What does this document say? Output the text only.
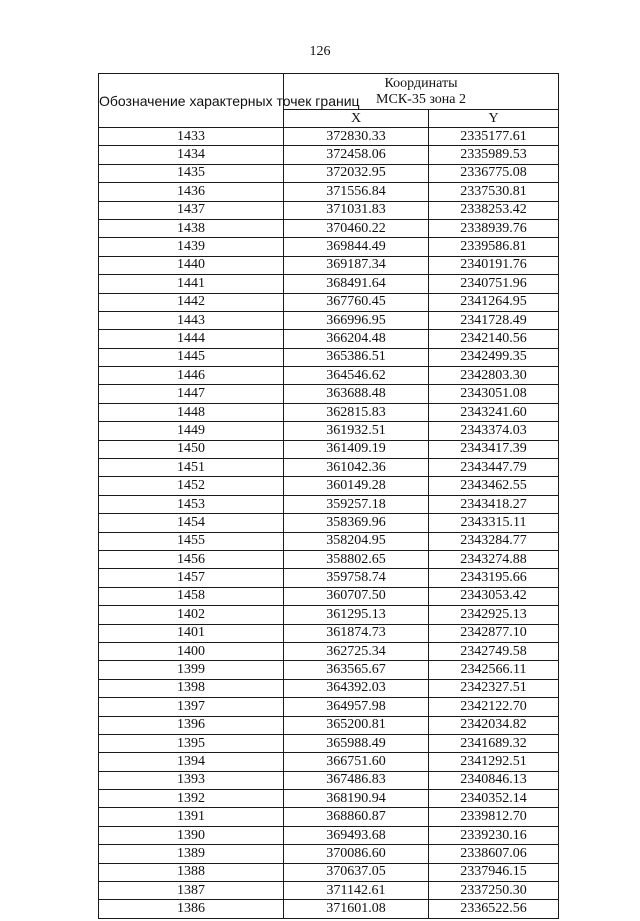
126
Обозначение характерных точек границ	Координаты
МСК-35 зона 2	
	X	Y
1433	372830.33	2335177.61
1434	372458.06	2335989.53
1435	372032.95	2336775.08
1436	371556.84	2337530.81
1437	371031.83	2338253.42
1438	370460.22	2338939.76
1439	369844.49	2339586.81
1440	369187.34	2340191.76
1441	368491.64	2340751.96
1442	367760.45	2341264.95
1443	366996.95	2341728.49
1444	366204.48	2342140.56
1445	365386.51	2342499.35
1446	364546.62	2342803.30
1447	363688.48	2343051.08
1448	362815.83	2343241.60
1449	361932.51	2343374.03
1450	361409.19	2343417.39
1451	361042.36	2343447.79
1452	360149.28	2343462.55
1453	359257.18	2343418.27
1454	358369.96	2343315.11
1455	358204.95	2343284.77
1456	358802.65	2343274.88
1457	359758.74	2343195.66
1458	360707.50	2343053.42
1402	361295.13	2342925.13
1401	361874.73	2342877.10
1400	362725.34	2342749.58
1399	363565.67	2342566.11
1398	364392.03	2342327.51
1397	364957.98	2342122.70
1396	365200.81	2342034.82
1395	365988.49	2341689.32
1394	366751.60	2341292.51
1393	367486.83	2340846.13
1392	368190.94	2340352.14
1391	368860.87	2339812.70
1390	369493.68	2339230.16
1389	370086.60	2338607.06
1388	370637.05	2337946.15
1387	371142.61	2337250.30
1386	371601.08	2336522.56
